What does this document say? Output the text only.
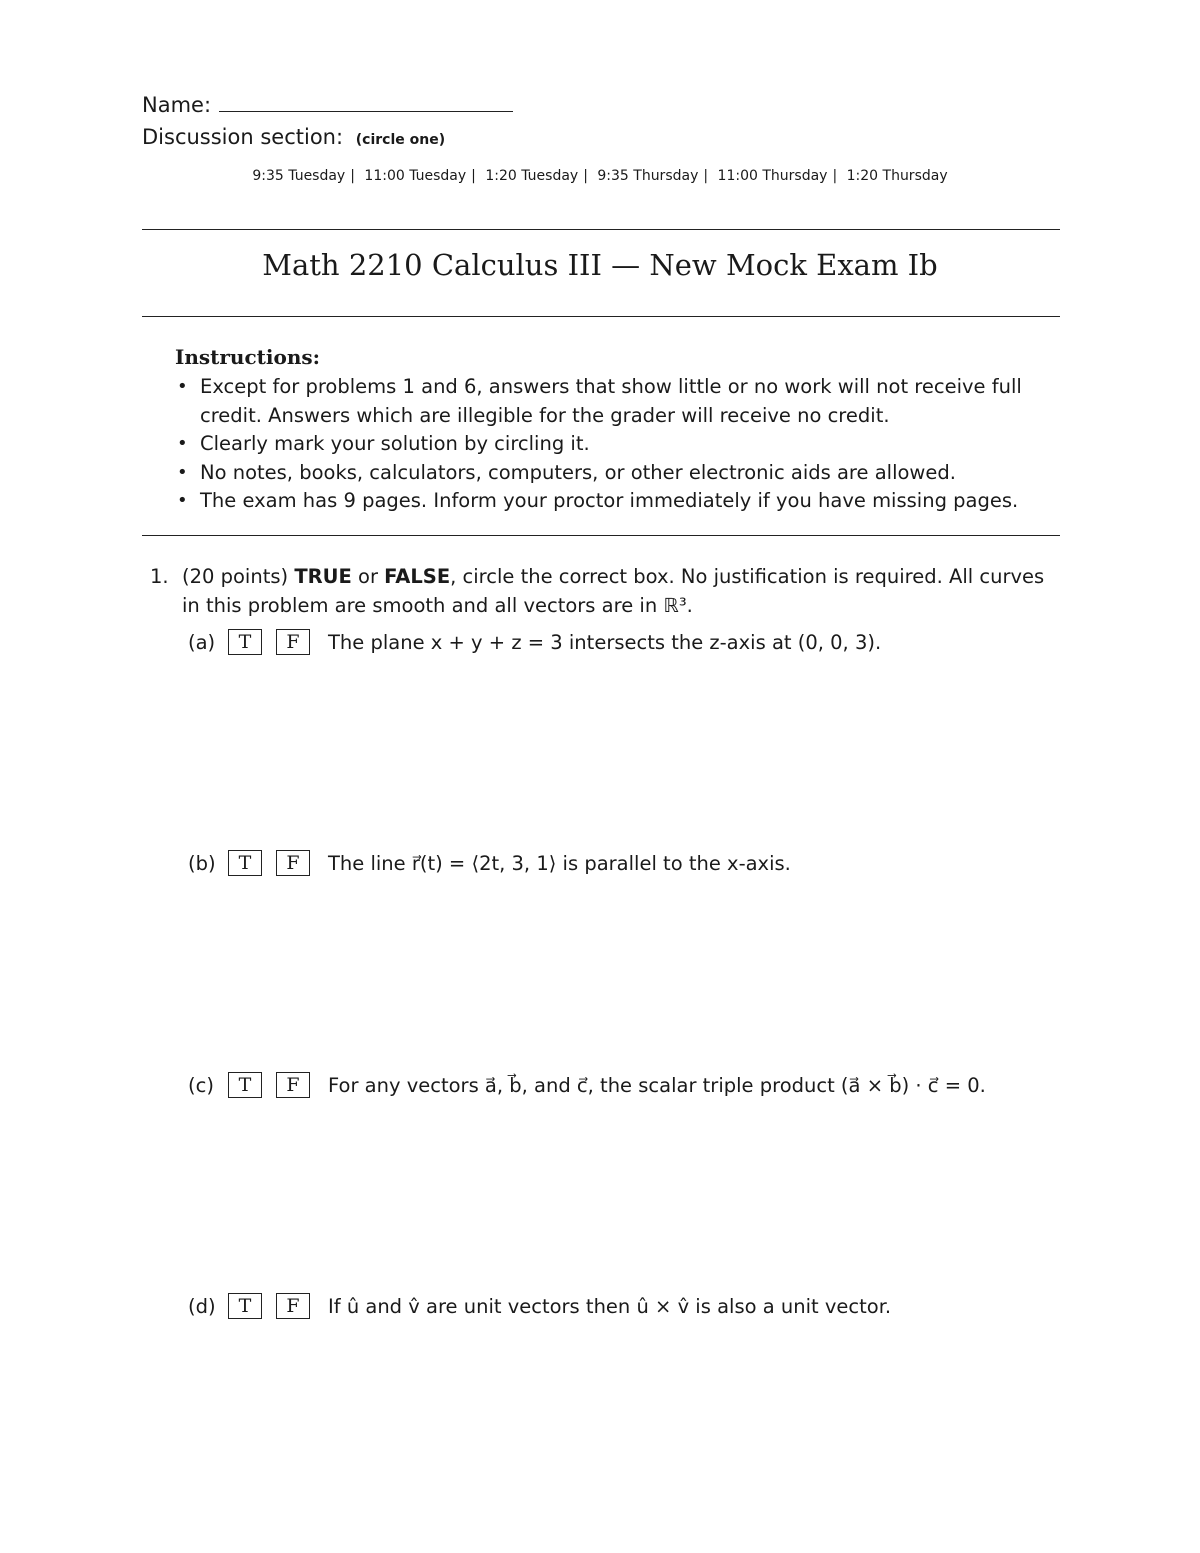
Name:
Discussion section: (circle one)
9:35 Tuesday | 11:00 Tuesday | 1:20 Tuesday | 9:35 Thursday | 11:00 Thursday | 1:20 Thursday
Math 2210 Calculus III — New Mock Exam Ib
Instructions:
• Except for problems 1 and 6, answers that show little or no work will not receive full credit. Answers which are illegible for the grader will receive no credit.
• Clearly mark your solution by circling it.
• No notes, books, calculators, computers, or other electronic aids are allowed.
• The exam has 9 pages. Inform your proctor immediately if you have missing pages.
1. (20 points) TRUE or FALSE, circle the correct box. No justification is required. All curves in this problem are smooth and all vectors are in ℝ³.
(a)	T	F	The plane x + y + z = 3 intersects the z-axis at (0, 0, 3).
(b)	T	F	The line r⃗(t) = ⟨2t, 3, 1⟩ is parallel to the x-axis.
(c)	T	F	For any vectors a⃗, b⃗, and c⃗, the scalar triple product (a⃗ × b⃗) · c⃗ = 0.
(d)	T	F	If û and v̂ are unit vectors then û × v̂ is also a unit vector.
